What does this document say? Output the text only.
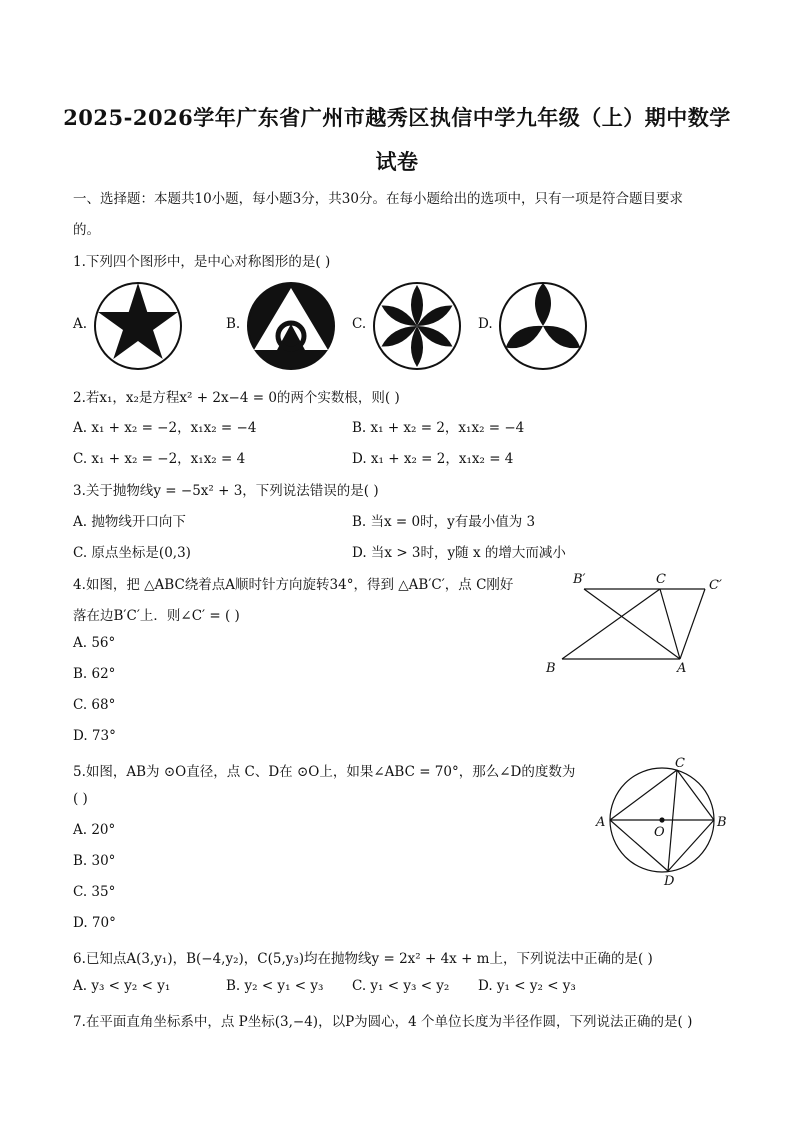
2025-2026学年广东省广州市越秀区执信中学九年级（上）期中数学
试卷
一、选择题：本题共10小题，每小题3分，共30分。在每小题给出的选项中，只有一项是符合题目要求
的。
1.下列四个图形中，是中心对称图形的是( )
A.	B.	C.	D.
2.若x₁，x₂是方程x² + 2x−4 = 0的两个实数根，则( )
A. x₁ + x₂ = −2，x₁x₂ = −4	B. x₁ + x₂ = 2，x₁x₂ = −4
C. x₁ + x₂ = −2，x₁x₂ = 4	D. x₁ + x₂ = 2，x₁x₂ = 4
3.关于抛物线y = −5x² + 3，下列说法错误的是( )
A. 抛物线开口向下	B. 当x = 0时，y有最小值为 3
C. 原点坐标是(0,3)	D. 当x > 3时，y随 x 的增大而减小
4.如图，把 △ABC绕着点A顺时针方向旋转34°，得到 △AB′C′，点 C刚好
落在边B′C′上．则∠C′ = ( )
A. 56°
B. 62°
C. 68°
D. 73°
B′	C	C′
B	A
5.如图，AB为 ⊙O直径，点 C、D在 ⊙O上，如果∠ABC = 70°，那么∠D的度数为
( )
A. 20°
B. 30°
C. 35°
D. 70°
A	B
C
D
O
6.已知点A(3,y₁)，B(−4,y₂)，C(5,y₃)均在抛物线y = 2x² + 4x + m上，下列说法中正确的是( )
A. y₃ < y₂ < y₁	B. y₂ < y₁ < y₃ C. y₁ < y₃ < y₂ D. y₁ < y₂ < y₃
7.在平面直角坐标系中，点 P坐标(3,−4)，以P为圆心，4 个单位长度为半径作圆，下列说法正确的是( )
